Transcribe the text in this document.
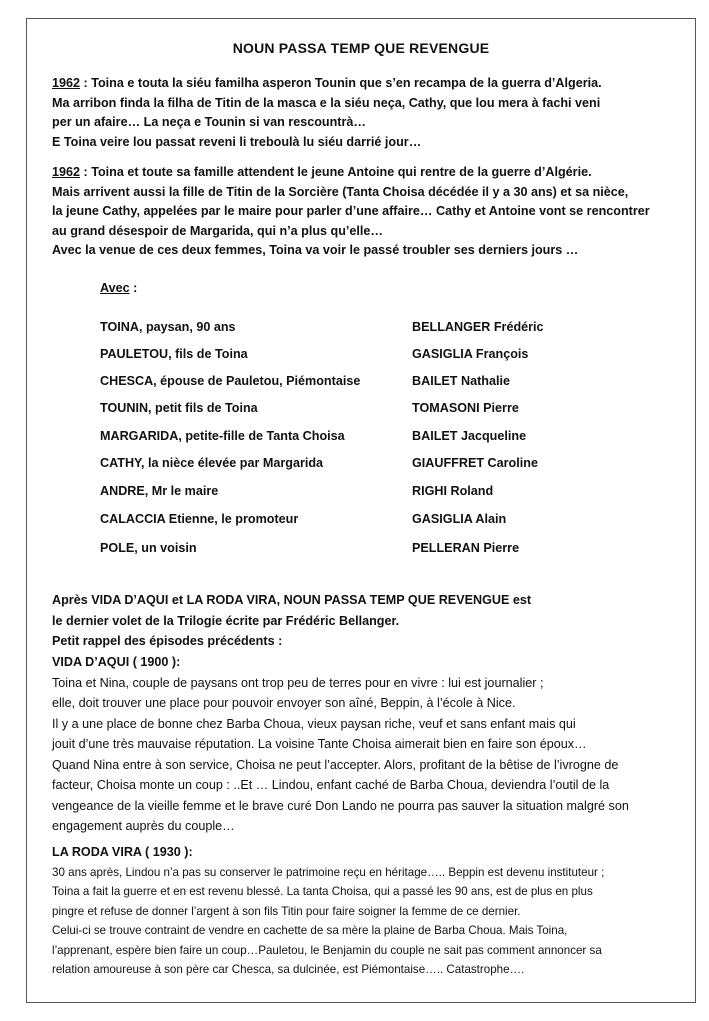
NOUN PASSA TEMP QUE REVENGUE
1962 : Toina e touta la siéu familha asperon Tounin que s’en recampa de la guerra d’Algeria.
Ma arribon finda la filha de Titin de la masca e la siéu neça, Cathy, que lou mera à fachi veni
per un afaire… La neça e Tounin si van rescountrà…
E Toina veire lou passat reveni li treboulà lu siéu darrié jour…
1962 : Toina et toute sa famille attendent le jeune Antoine qui rentre de la guerre d’Algérie.
Mais arrivent aussi la fille de Titin de la Sorcière (Tanta Choisa décédée il y a 30 ans) et sa nièce,
la jeune Cathy, appelées par le maire pour parler d’une affaire… Cathy et Antoine vont se rencontrer
au grand désespoir de Margarida, qui n’a plus qu’elle…
Avec la venue de ces deux femmes, Toina va voir le passé troubler ses derniers jours …
Avec :
TOINA, paysan, 90 ans	BELLANGER Frédéric
PAULETOU, fils de Toina	GASIGLIA François
CHESCA, épouse de Pauletou, Piémontaise	BAILET Nathalie
TOUNIN, petit fils de Toina	TOMASONI Pierre
MARGARIDA, petite-fille de Tanta Choisa	BAILET Jacqueline
CATHY, la nièce élevée par Margarida	GIAUFFRET Caroline
ANDRE, Mr le maire	RIGHI Roland
CALACCIA Etienne, le promoteur	GASIGLIA Alain
POLE, un voisin	PELLERAN Pierre
Après VIDA D’AQUI et LA RODA VIRA, NOUN PASSA TEMP QUE REVENGUE est
le dernier volet de la Trilogie écrite par Frédéric Bellanger.
Petit rappel des épisodes précédents :
VIDA D’AQUI ( 1900 ):
Toina et Nina, couple de paysans ont trop peu de terres pour en vivre : lui est journalier ;
elle, doit trouver une place pour pouvoir envoyer son aîné, Beppin, à l’école à Nice.
Il y a une place de bonne chez Barba Choua, vieux paysan riche, veuf et sans enfant mais qui
jouit d’une très mauvaise réputation. La voisine Tante Choisa aimerait bien en faire son époux…
Quand Nina entre à son service, Choisa ne peut l’accepter. Alors, profitant de la bêtise de l’ivrogne de
facteur, Choisa monte un coup : ..Et … Lindou, enfant caché de Barba Choua, deviendra l’outil de la
vengeance de la vieille femme et le brave curé Don Lando ne pourra pas sauver la situation malgré son
engagement auprès du couple…
LA RODA VIRA ( 1930 ):
30 ans après, Lindou n’a pas su conserver le patrimoine reçu en héritage….. Beppin est devenu instituteur ;
Toina a fait la guerre et en est revenu blessé. La tanta Choisa, qui a passé les 90 ans, est de plus en plus
pingre et refuse de donner l’argent à son fils Titin pour faire soigner la femme de ce dernier.
Celui-ci se trouve contraint de vendre en cachette de sa mère la plaine de Barba Choua. Mais Toina,
l’apprenant, espère bien faire un coup…Pauletou, le Benjamin du couple ne sait pas comment annoncer sa
relation amoureuse à son père car Chesca, sa dulcinée, est Piémontaise….. Catastrophe….
